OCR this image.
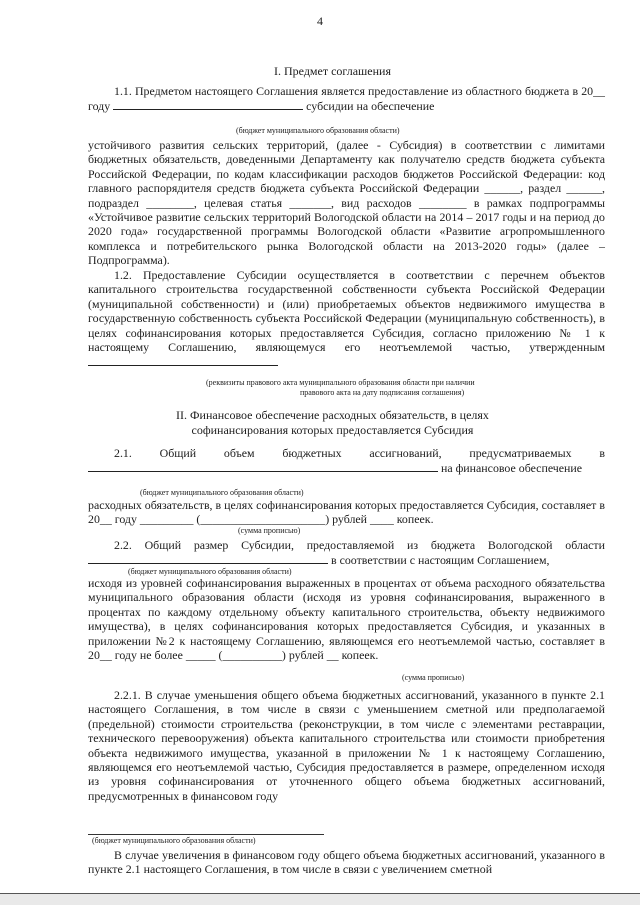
4
I. Предмет соглашения

1.1. Предметом настоящего Соглашения является предоставление из областного бюджета в 20__ году	субсидии на обеспечение

(бюджет муниципального образования области)

устойчивого развития сельских территорий, (далее - Субсидия) в соответствии с лимитами бюджетных обязательств, доведенными Департаменту как получателю средств бюджета субъекта Российской Федерации, по кодам классификации расходов бюджетов Российской Федерации: код главного распорядителя средств бюджета субъекта Российской Федерации ______, раздел ______, подраздел ________, целевая статья _______, вид расходов ________ в рамках подпрограммы «Устойчивое развитие сельских территорий Вологодской области на 2014 – 2017 годы и на период до 2020 года» государственной программы Вологодской области «Развитие агропромышленного комплекса и потребительского рынка Вологодской области на 2013-2020 годы» (далее – Подпрограмма).

1.2. Предоставление Субсидии осуществляется в соответствии с перечнем объектов капитального строительства государственной собственности субъекта Российской Федерации (муниципальной собственности) и (или) приобретаемых объектов недвижимого имущества в государственную собственность субъекта Российской Федерации (муниципальную собственность), в целях софинансирования которых предоставляется Субсидия, согласно приложению № 1 к настоящему Соглашению, являющемуся его неотъемлемой частью, утвержденным

(реквизиты правового акта муниципального образования области при наличии
правового акта на дату подписания соглашения)
II. Финансовое обеспечение расходных обязательств, в целях
софинансирования которых предоставляется Субсидия

2.1. Общий объем бюджетных ассигнований, предусматриваемых в  на финансовое обеспечение

(бюджет муниципального образования области)

расходных обязательств, в целях софинансирования которых предоставляется Субсидия, составляет в 20__ году _________ (_____________________) рублей ____ копеек.

(сумма прописью)

2.2. Общий размер Субсидии, предоставляемой из бюджета Вологодской области  в соответствии с настоящим Соглашением,

(бюджет муниципального образования области)

исходя из уровней софинансирования выраженных в процентах от объема расходного обязательства муниципального образования области (исходя из уровня софинансирования, выраженного в процентах по каждому отдельному объекту капитального строительства, объекту недвижимого имущества), в целях софинансирования которых предоставляется Субсидия, и указанных в приложении №2 к настоящему Соглашению, являющемся его неотъемлемой частью, составляет в 20__ году не более _____ (__________) рублей __ копеек.

(сумма прописью)

2.2.1. В случае уменьшения общего объема бюджетных ассигнований, указанного в пункте 2.1 настоящего Соглашения, в том числе в связи с уменьшением сметной или предполагаемой (предельной) стоимости строительства (реконструкции, в том числе с элементами реставрации, технического перевооружения) объекта капитального строительства или стоимости приобретения объекта недвижимого имущества, указанной в приложении № 1 к настоящему Соглашению, являющемся его неотъемлемой частью, Субсидия предоставляется в размере, определенном исходя из уровня софинансирования от уточненного общего объема бюджетных ассигнований, предусмотренных в финансовом году

(бюджет муниципального образования области)

В случае увеличения в финансовом году общего объема бюджетных ассигнований, указанного в пункте 2.1 настоящего Соглашения, в том числе в связи с увеличением сметной
